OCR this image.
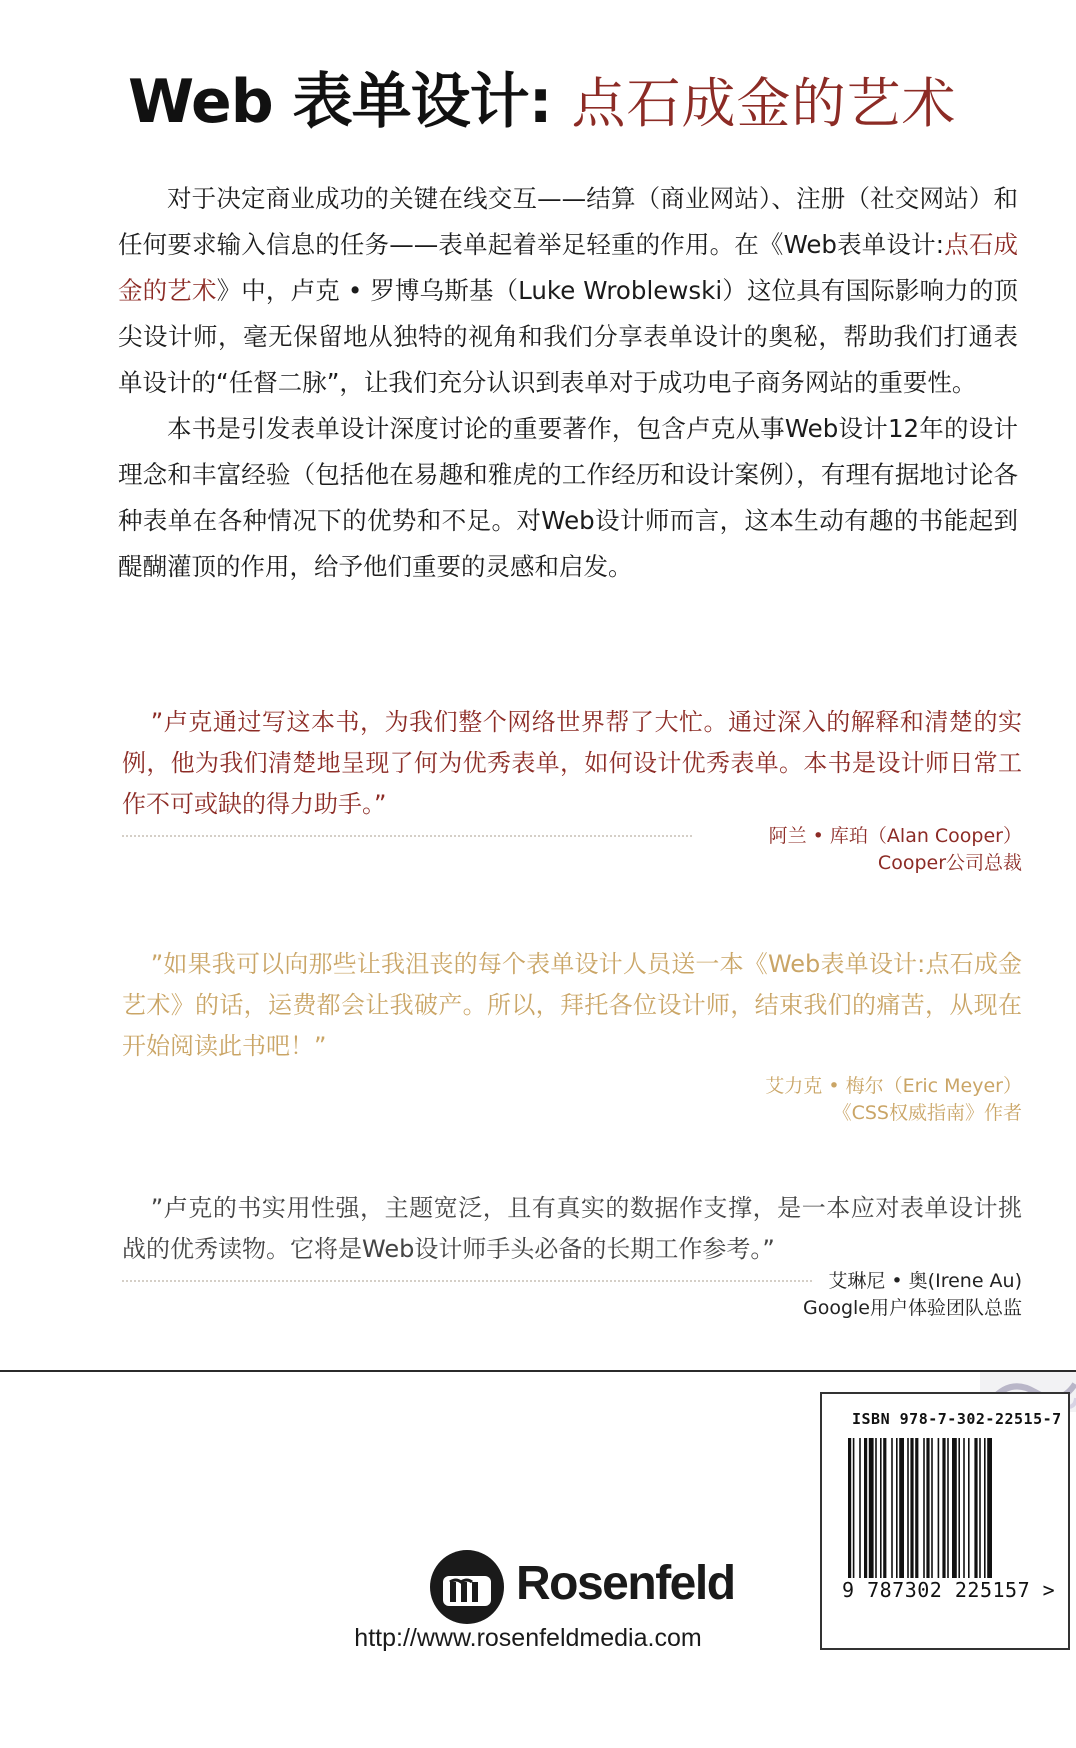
Web 表单设计: 点石成金的艺术

对于决定商业成功的关键在线交互——结算（商业网站）、注册（社交网站）和任何要求输入信息的任务——表单起着举足轻重的作用。在《Web表单设计:点石成金的艺术》中，卢克 • 罗博乌斯基（Luke Wroblewski）这位具有国际影响力的顶尖设计师，毫无保留地从独特的视角和我们分享表单设计的奥秘，帮助我们打通表单设计的“任督二脉”，让我们充分认识到表单对于成功电子商务网站的重要性。

本书是引发表单设计深度讨论的重要著作，包含卢克从事Web设计12年的设计理念和丰富经验（包括他在易趣和雅虎的工作经历和设计案例），有理有据地讨论各种表单在各种情况下的优势和不足。对Web设计师而言，这本生动有趣的书能起到醍醐灌顶的作用，给予他们重要的灵感和启发。

”卢克通过写这本书，为我们整个网络世界帮了大忙。通过深入的解释和清楚的实例，他为我们清楚地呈现了何为优秀表单，如何设计优秀表单。本书是设计师日常工作不可或缺的得力助手。”

阿兰 • 库珀（Alan Cooper）
Cooper公司总裁

”如果我可以向那些让我沮丧的每个表单设计人员送一本《Web表单设计:点石成金艺术》的话，运费都会让我破产。所以，拜托各位设计师，结束我们的痛苦，从现在开始阅读此书吧！”

艾力克 • 梅尔（Eric Meyer）
《CSS权威指南》作者

”卢克的书实用性强，主题宽泛，且有真实的数据作支撑，是一本应对表单设计挑战的优秀读物。它将是Web设计师手头必备的长期工作参考。”

艾琳尼 • 奥(Irene Au)
Google用户体验团队总监
Rosenfeld
http://www.rosenfeldmedia.com
ISBN 978-7-302-22515-7
9 787302 225157 >
